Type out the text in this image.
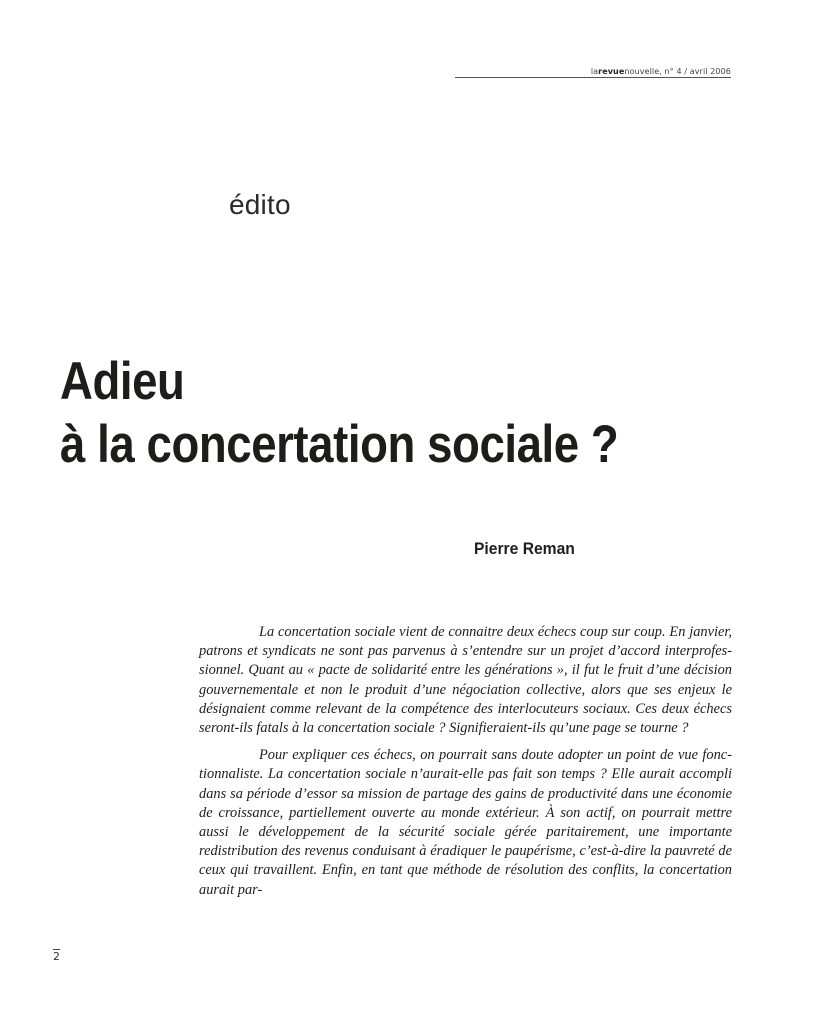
larevuenouvelle, n° 4 / avril 2006
édito
Adieu
à la concertation sociale ?
Pierre Reman

La concertation sociale vient de connaitre deux échecs coup sur coup. En janvier, patrons et syndicats ne sont pas parvenus à s’entendre sur un projet d’accord interprofessionnel. Quant au « pacte de solidarité entre les générations », il fut le fruit d’une décision gouvernementale et non le produit d’une négociation collective, alors que ses enjeux le désignaient comme relevant de la compétence des interlocuteurs sociaux. Ces deux échecs seront-ils fatals à la concertation sociale ? Signifieraient-ils qu’une page se tourne ?

Pour expliquer ces échecs, on pourrait sans doute adopter un point de vue fonctionnaliste. La concertation sociale n’aurait-elle pas fait son temps ? Elle aurait accompli dans sa période d’essor sa mission de partage des gains de productivité dans une économie de croissance, partiellement ouverte au monde extérieur. À son actif, on pourrait mettre aussi le développement de la sécurité sociale gérée paritairement, une importante redistribution des revenus conduisant à éradiquer le paupérisme, c’est-à-dire la pauvreté de ceux qui travaillent. Enfin, en tant que méthode de résolution des conflits, la concertation aurait par-

2
